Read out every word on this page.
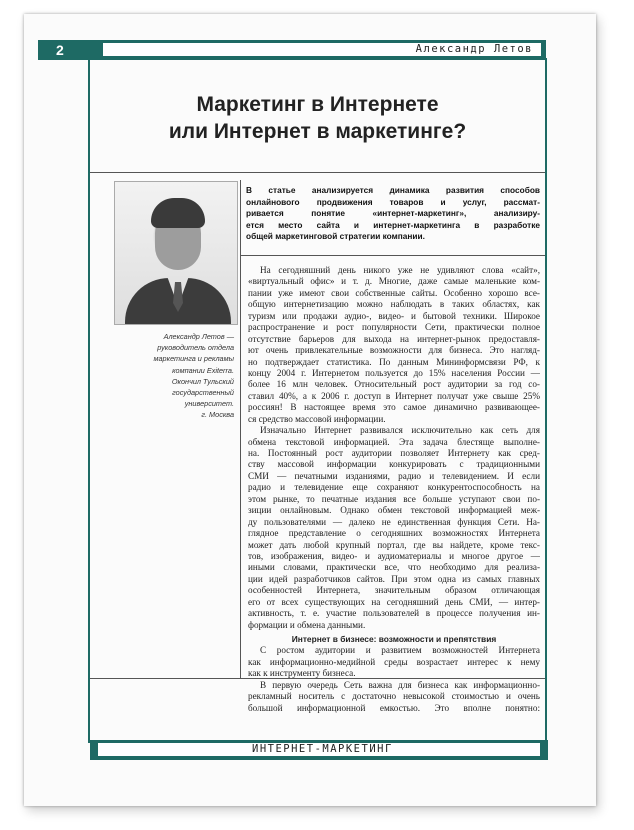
2	Александр Летов
Маркетинг в Интернете
или Интернет в маркетинге?

Александр Летов —
руководитель отдела
маркетинга и рекламы
компании Exiterra.
Окончил Тульский
государственный
университет.
г. Москва

В статье анализируется динамика развития способов
онлайнового продвижения товаров и услуг, рассмат-
ривается понятие «интернет-маркетинг», анализиру-
ется место сайта и интернет-маркетинга в разработке
общей маркетинговой стратегии компании.

На сегодняшний день никого уже не удивляют слова «сайт»,
«виртуальный офис» и т. д. Многие, даже самые маленькие ком-
пании уже имеют свои собственные сайты. Особенно хорошо все-
общую интернетизацию можно наблюдать в таких областях, как
туризм или продажи аудио-, видео- и бытовой техники. Широкое
распространение и рост популярности Сети, практически полное
отсутствие барьеров для выхода на интернет-рынок предоставля-
ют очень привлекательные возможности для бизнеса. Это нагляд-
но подтверждает статистика. По данным Мининформсвязи РФ, к
концу 2004 г. Интернетом пользуется до 15% населения России —
более 16 млн человек. Относительный рост аудитории за год со-
ставил 40%, а к 2006 г. доступ в Интернет получат уже свыше 25%
россиян! В настоящее время это самое динамично развивающее-
ся средство массовой информации.
Изначально Интернет развивался исключительно как сеть для
обмена текстовой информацией. Эта задача блестяще выполне-
на. Постоянный рост аудитории позволяет Интернету как сред-
ству массовой информации конкурировать с традиционными
СМИ — печатными изданиями, радио и телевидением. И если
радио и телевидение еще сохраняют конкурентоспособность на
этом рынке, то печатные издания все больше уступают свои по-
зиции онлайновым. Однако обмен текстовой информацией меж-
ду пользователями — далеко не единственная функция Сети. На-
глядное представление о сегодняшних возможностях Интернета
может дать любой крупный портал, где вы найдете, кроме текс-
тов, изображения, видео- и аудиоматериалы и многое другое —
иными словами, практически все, что необходимо для реализа-
ции идей разработчиков сайтов. При этом одна из самых главных
особенностей Интернета, значительным образом отличающая
его от всех существующих на сегодняшний день СМИ, — интер-
активность, т. е. участие пользователей в процессе получения ин-
формации и обмена данными.
Интернет в бизнесе: возможности и препятствия
С ростом аудитории и развитием возможностей Интернета
как информационно-медийной среды возрастает интерес к нему
как к инструменту бизнеса.
В первую очередь Сеть важна для бизнеса как информационно-
рекламный носитель с достаточно невысокой стоимостью и очень
большой информационной емкостью. Это вполне понятно:
ИНТЕРНЕТ-МАРКЕТИНГ
